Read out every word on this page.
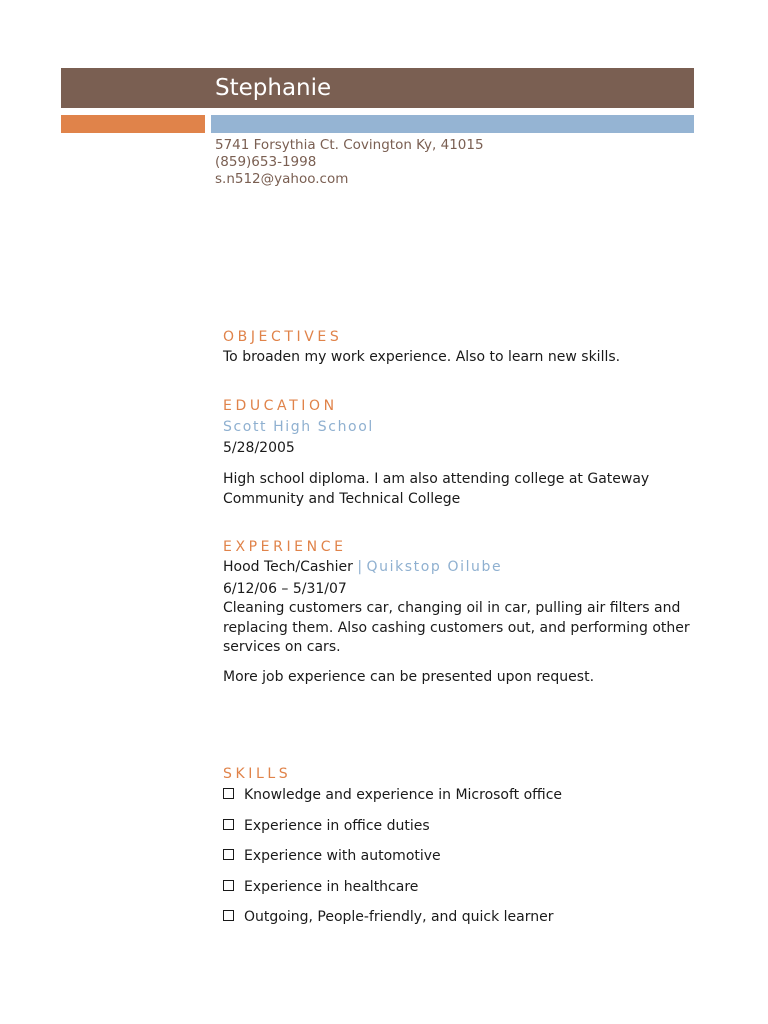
Stephanie
5741 Forsythia Ct. Covington Ky, 41015
(859)653-1998
s.n512@yahoo.com
OBJECTIVES
To broaden my work experience. Also to learn new skills.
EDUCATION
Scott High School
5/28/2005
High school diploma. I am also attending college at Gateway Community and Technical College
EXPERIENCE
Hood Tech/Cashier | Quikstop Oilube
6/12/06 – 5/31/07
Cleaning customers car, changing oil in car, pulling air filters and replacing them. Also cashing customers out, and performing other services on cars.
More job experience can be presented upon request.
SKILLS
Knowledge and experience in Microsoft office
Experience in office duties
Experience with automotive
Experience in healthcare
Outgoing, People-friendly, and quick learner
